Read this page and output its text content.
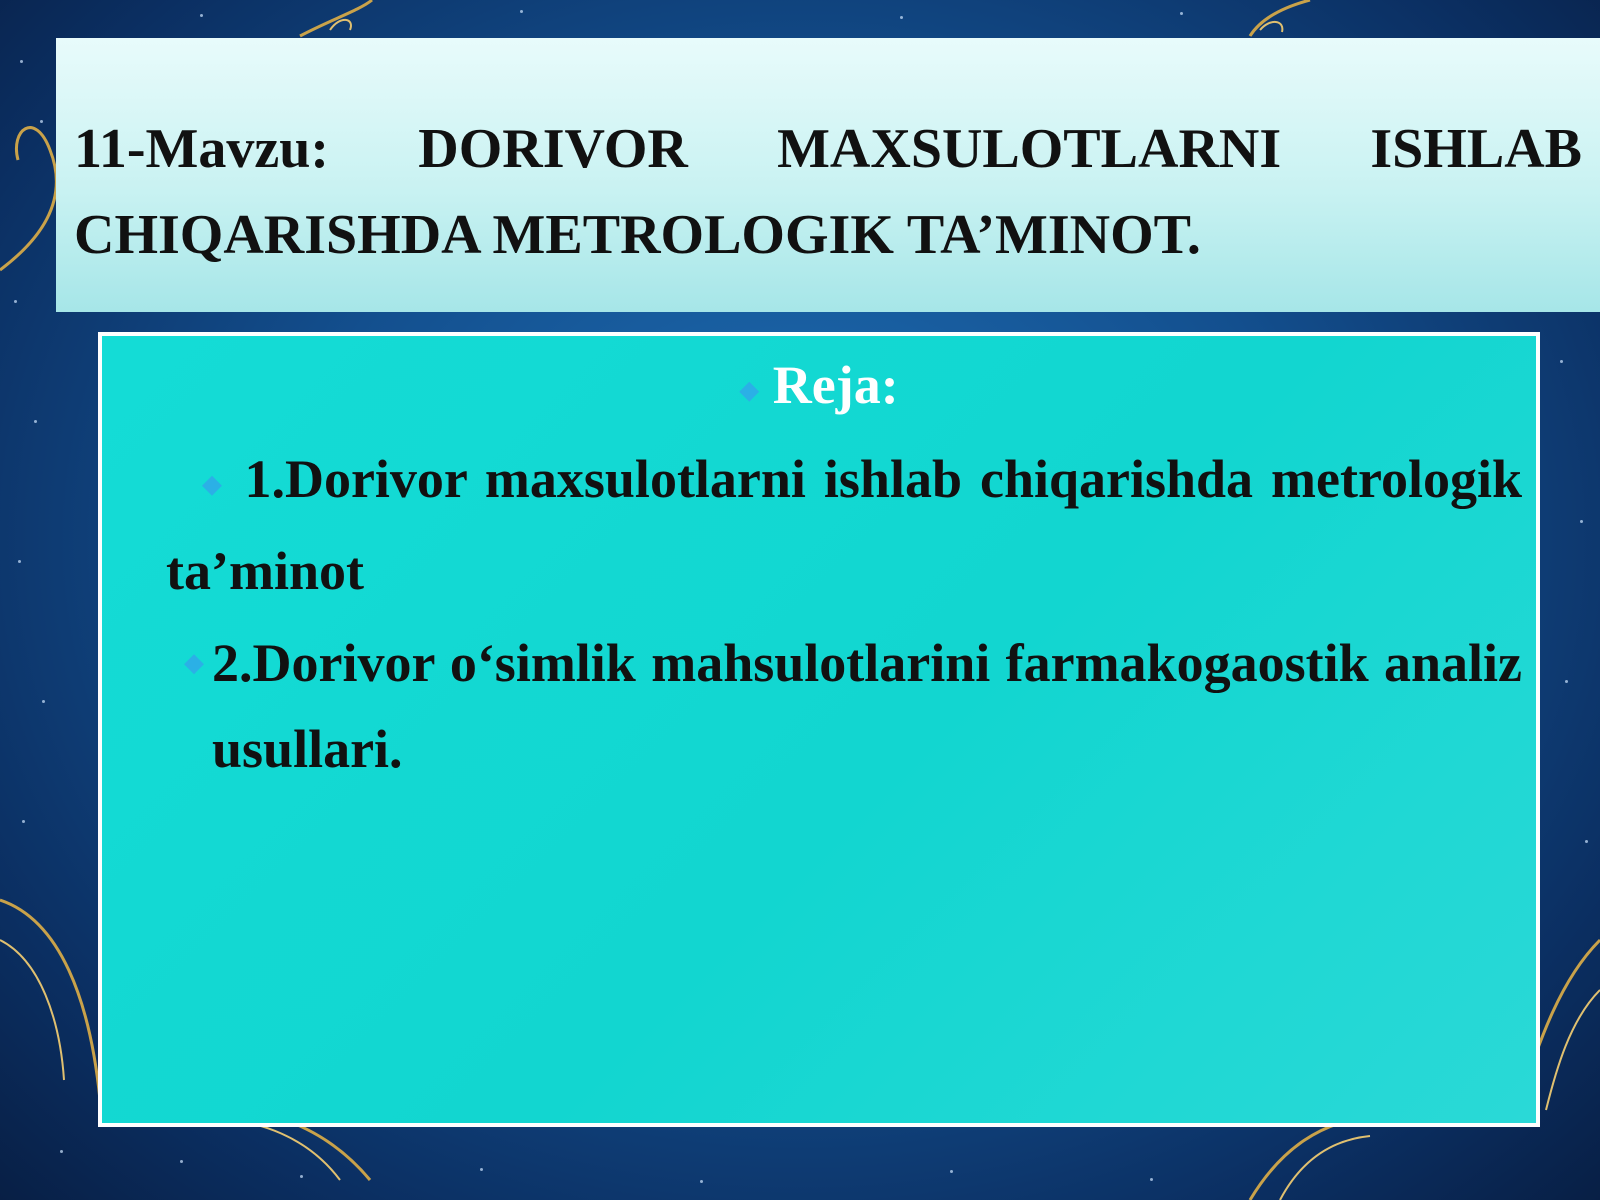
11-Mavzu: DORIVOR MAXSULOTLARNI ISHLAB CHIQARISHDA METROLOGIK TA’MINOT.
◆ Reja:
◆ 1.Dorivor maxsulotlarni ishlab chiqarishda metrologik ta’minot
◆ 2.Dorivor o‘simlik mahsulotlarini farmakogaostik analiz usullari.
